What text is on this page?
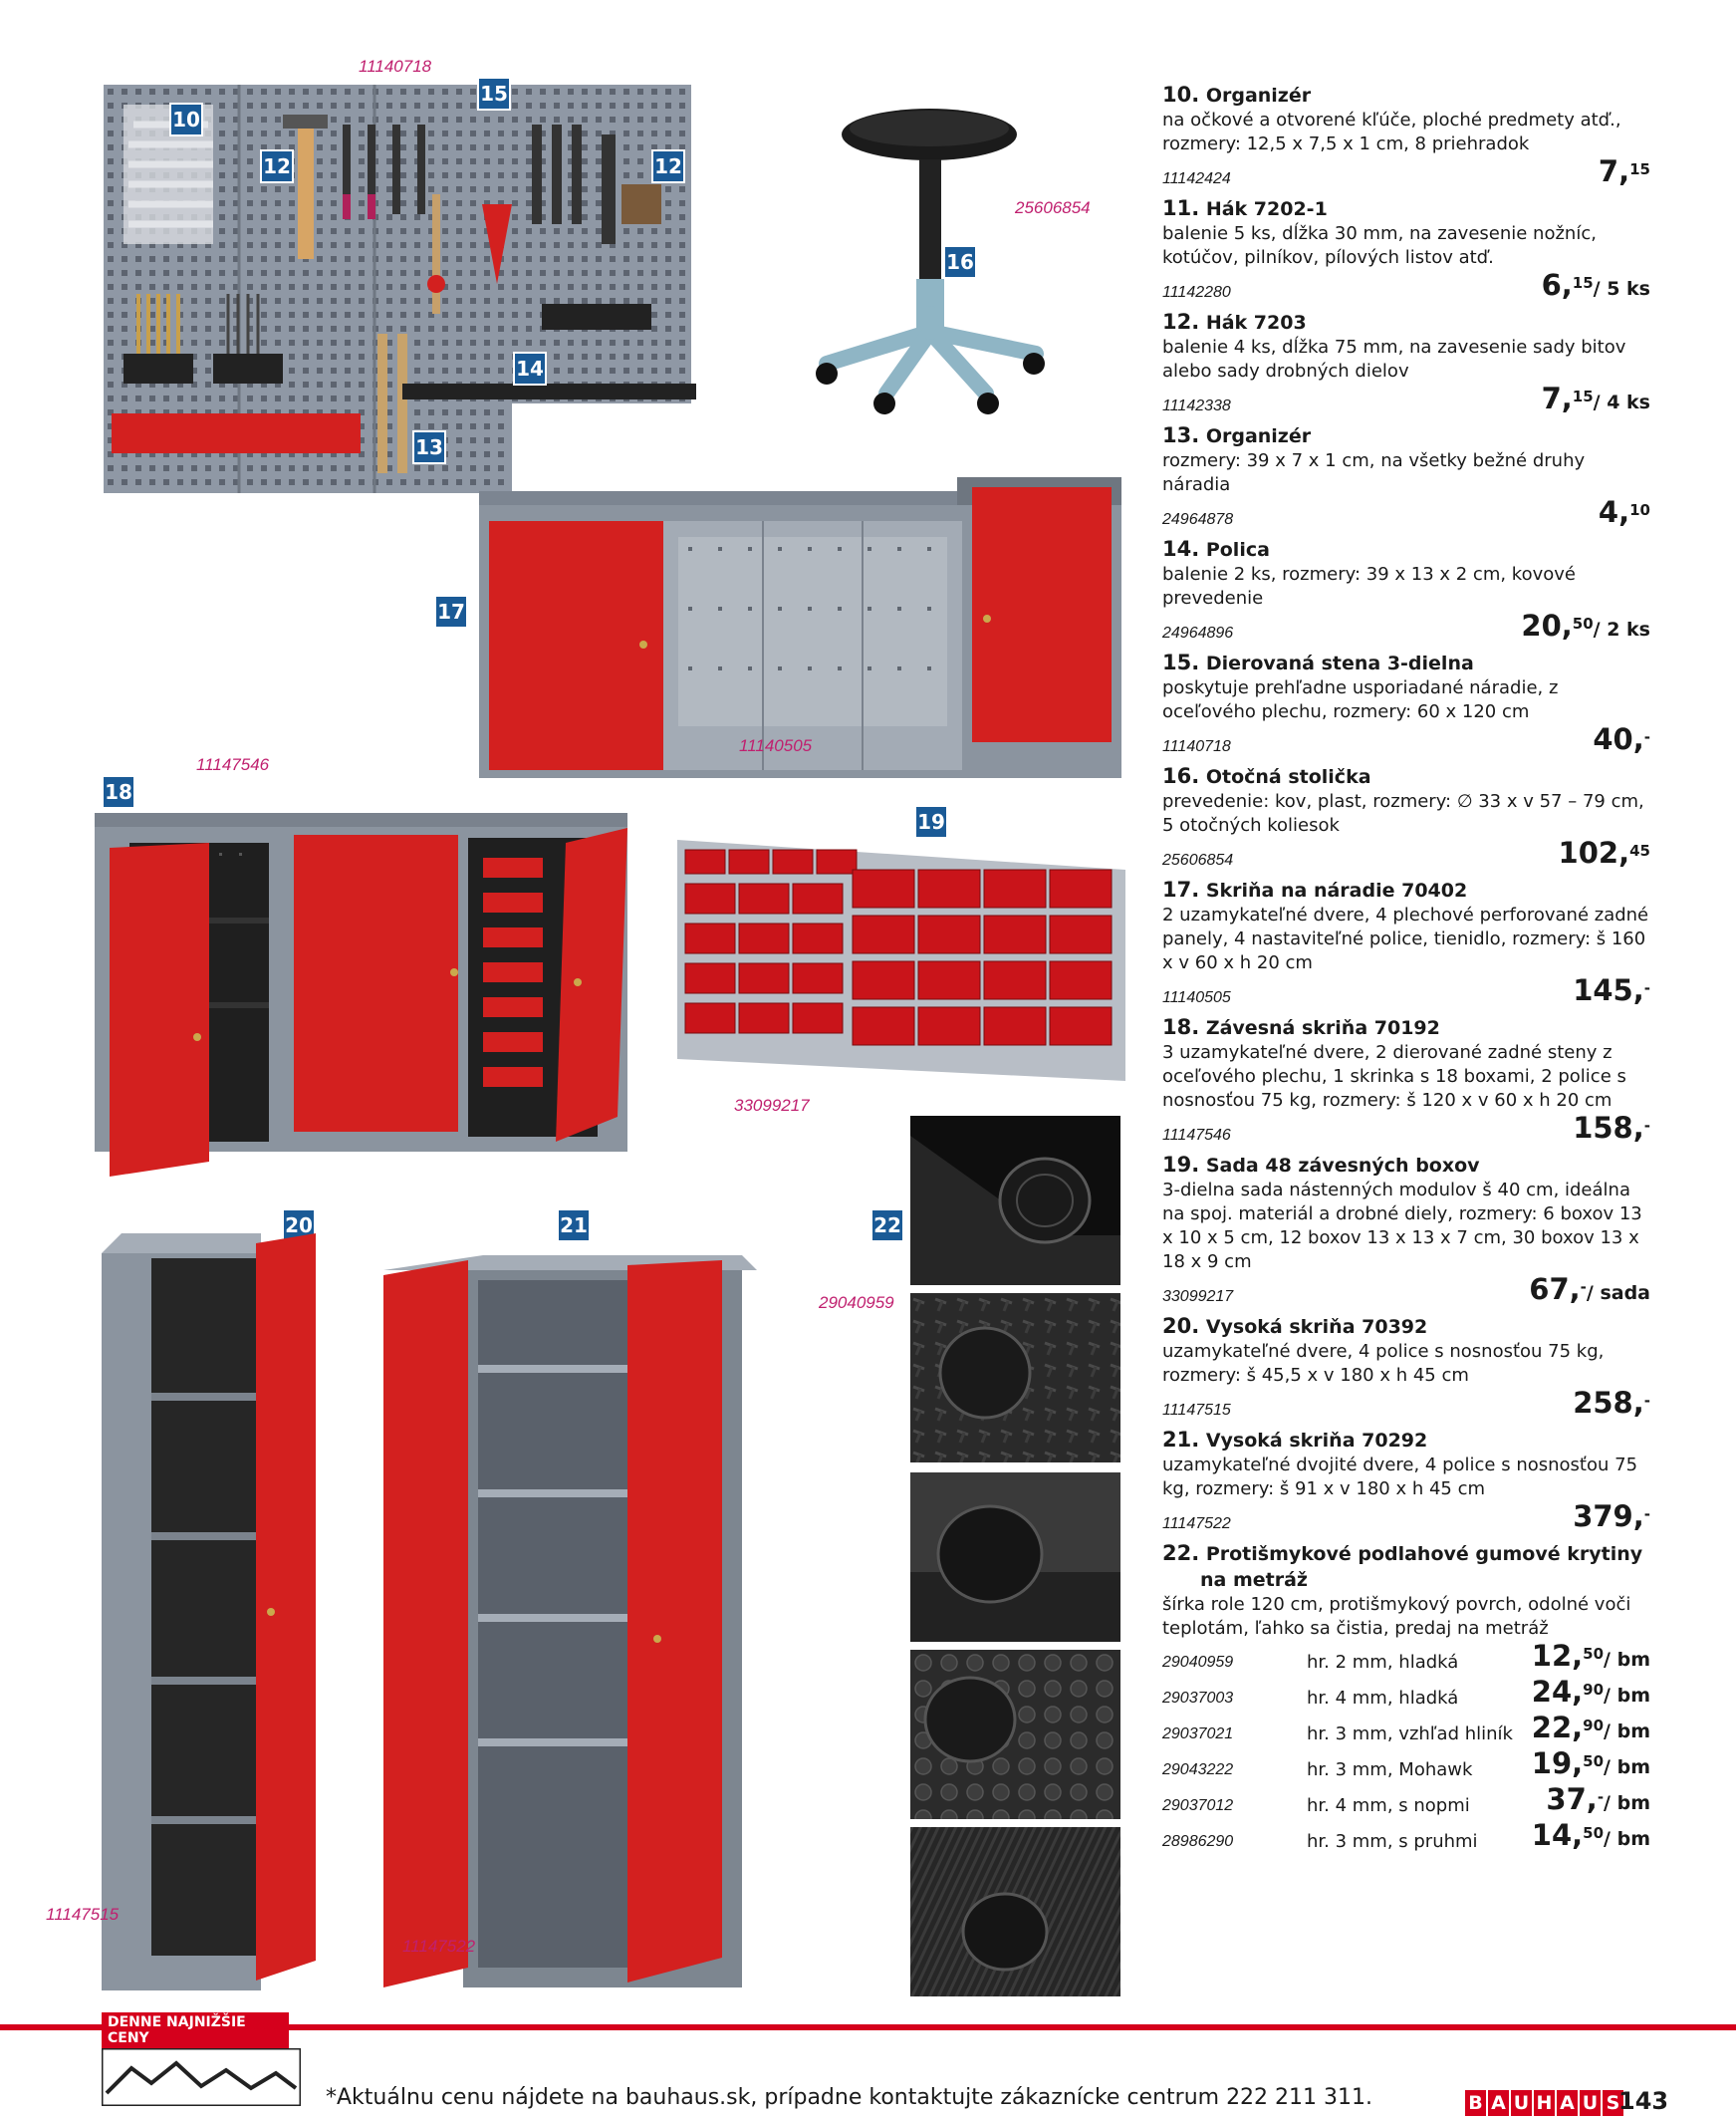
11140718
10
12
15
12
14
13
25606854
16
17
11140505
11147546
18
19
33099217
20
11147515
21
11147522
22
29040959
10. Organizér
na očkové a otvorené kľúče, ploché predmety atď., rozmery: 12,5 x 7,5 x 1 cm, 8 priehradok
11142424	7,15
11. Hák 7202-1
balenie 5 ks, dĺžka 30 mm, na zavesenie nožníc, kotúčov, pilníkov, pílových listov atď.
11142280	6,15/ 5 ks
12. Hák 7203
balenie 4 ks, dĺžka 75 mm, na zavesenie sady bitov alebo sady drobných dielov
11142338	7,15/ 4 ks
13. Organizér
rozmery: 39 x 7 x 1 cm, na všetky bežné druhy náradia
24964878	4,10
14. Polica
balenie 2 ks, rozmery: 39 x 13 x 2 cm, kovové prevedenie
24964896	20,50/ 2 ks
15. Dierovaná stena 3-dielna
poskytuje prehľadne usporiadané náradie, z oceľového plechu, rozmery: 60 x 120 cm
11140718	40,-
16. Otočná stolička
prevedenie: kov, plast, rozmery: ∅ 33 x v 57 – 79 cm, 5 otočných koliesok
25606854	102,45
17. Skriňa na náradie 70402
2 uzamykateľné dvere, 4 plechové perforované zadné panely, 4 nastaviteľné police, tienidlo, rozmery: š 160 x v 60 x h 20 cm
11140505	145,-
18. Závesná skriňa 70192
3 uzamykateľné dvere, 2 dierované zadné steny z oceľového plechu, 1 skrinka s 18 boxami, 2 police s nosnosťou 75 kg, rozmery: š 120 x v 60 x h 20 cm
11147546	158,-
19. Sada 48 závesných boxov
3-dielna sada nástenných modulov š 40 cm, ideálna na spoj. materiál a drobné diely, rozmery: 6 boxov 13 x 10 x 5 cm, 12 boxov 13 x 13 x 7 cm, 30 boxov 13 x 18 x 9 cm
33099217	67,-/ sada
20. Vysoká skriňa 70392
uzamykateľné dvere, 4 police s nosnosťou 75 kg, rozmery: š 45,5 x v 180 x h 45 cm
11147515	258,-
21. Vysoká skriňa 70292
uzamykateľné dvojité dvere, 4 police s nosnosťou 75 kg, rozmery: š 91 x v 180 x h 45 cm
11147522	379,-
22. Protišmykové podlahové gumové krytiny
na metráž
šírka role 120 cm, protišmykový povrch, odolné voči teplotám, ľahko sa čistia, predaj na metráž
29040959	hr. 2 mm, hladká	12,50/ bm
29037003	hr. 4 mm, hladká	24,90/ bm
29037021	hr. 3 mm, vzhľad hliník 22,90/ bm
29043222	hr. 3 mm, Mohawk	19,50/ bm
29037012	hr. 4 mm, s nopmi	37,-/ bm
28986290	hr. 3 mm, s pruhmi	14,50/ bm
DENNE NAJNIŽŠIE CENY
*Aktuálnu cenu nájdete na bauhaus.sk, prípadne kontaktujte zákaznícke centrum 222 211 311.	B A U H A U S
143
